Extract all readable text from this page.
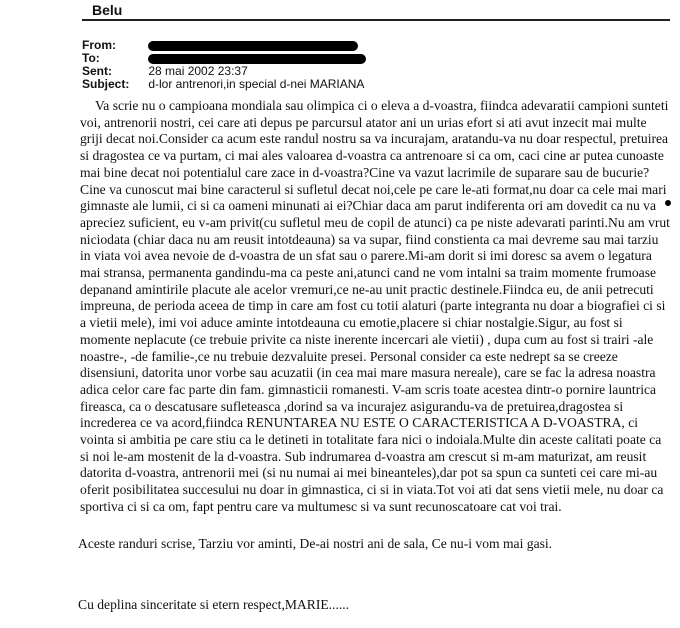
Belu
From:
To:
Sent:	28 mai 2002 23:37
Subject: d-lor antrenori,in special d-nei MARIANA

Va scrie nu o campioana mondiala sau olimpica ci o eleva a d-voastra, fiindca adevaratii campioni sunteti voi, antrenorii nostri, cei care ati depus pe parcursul atator ani un urias efort si ati avut inzecit mai multe griji decat noi.Consider ca acum este randul nostru sa va incurajam, aratandu-va nu doar respectul, pretuirea si dragostea ce va purtam, ci mai ales valoarea d-voastra ca antrenoare si ca om, caci cine ar putea cunoaste mai bine decat noi potentialul care zace in d-voastra?Cine va vazut lacrimile de suparare sau de bucurie?Cine va cunoscut mai bine caracterul si sufletul decat noi,cele pe care le-ati format,nu doar ca cele mai mari gimnaste ale lumii, ci si ca oameni minunati ai ei?Chiar daca am parut indiferenta ori am dovedit ca nu va apreciez suficient, eu v-am privit(cu sufletul meu de copil de atunci) ca pe niste adevarati parinti.Nu am vrut niciodata (chiar daca nu am reusit intotdeauna) sa va supar, fiind constienta ca mai devreme sau mai tarziu in viata voi avea nevoie de d-voastra de un sfat sau o parere.Mi-am dorit si imi doresc sa avem o legatura mai stransa, permanenta gandindu-ma ca peste ani,atunci cand ne vom intalni sa traim momente frumoase depanand amintirile placute ale acelor vremuri,ce ne-au unit practic destinele.Fiindca eu, de anii petrecuti impreuna, de perioda aceea de timp in care am fost cu totii alaturi (parte integranta nu doar a biografiei ci si a vietii mele), imi voi aduce aminte intotdeauna cu emotie,placere si chiar nostalgie.Sigur, au fost si momente neplacute (ce trebuie privite ca niste inerente incercari ale vietii) , dupa cum au fost si trairi -ale noastre-, -de familie-,ce nu trebuie dezvaluite presei. Personal consider ca este nedrept sa se creeze disensiuni, datorita unor vorbe sau acuzatii (in cea mai mare masura nereale), care se fac la adresa noastra adica celor care fac parte din fam. gimnasticii romanesti. V-am scris toate acestea dintr-o pornire launtrica fireasca, ca o descatusare sufleteasca ,dorind sa va incurajez asigurandu-va de pretuirea,dragostea si increderea ce va acord,fiindca RENUNTAREA NU ESTE O CARACTERISTICA A D-VOASTRA, ci vointa si ambitia pe care stiu ca le detineti in totalitate fara nici o indoiala.Multe din aceste calitati poate ca si noi le-am mostenit de la d-voastra. Sub indrumarea d-voastra am crescut si m-am maturizat, am reusit datorita d-voastra, antrenorii mei (si nu numai ai mei bineanteles),dar pot sa spun ca sunteti cei care mi-au oferit posibilitatea succesului nu doar in gimnastica, ci si in viata.Tot voi ati dat sens vietii mele, nu doar ca sportiva ci si ca om, fapt pentru care va multumesc si va sunt recunoscatoare cat voi trai.

Aceste randuri scrise, Tarziu vor aminti, De-ai nostri ani de sala, Ce nu-i vom mai gasi.
Cu deplina sinceritate si etern respect,MARIE......
